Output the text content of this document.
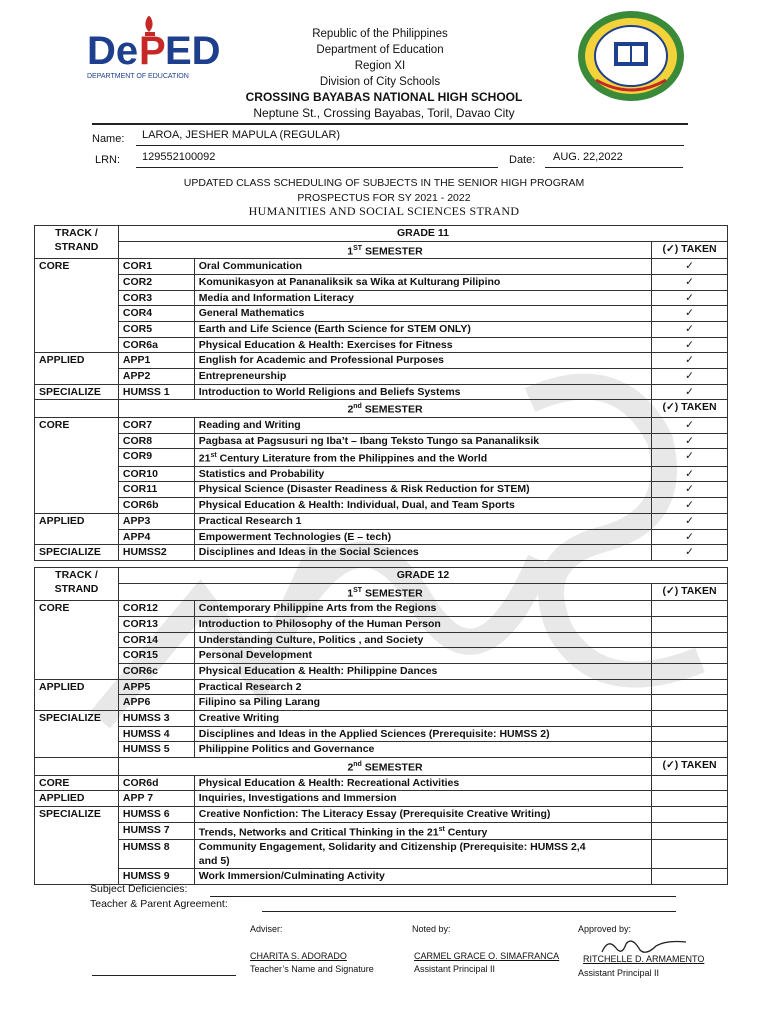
De P ED
DEPARTMENT OF EDUCATION
Republic of the Philippines
Department of Education
Region XI
Division of City Schools
CROSSING BAYABAS NATIONAL HIGH SCHOOL
Neptune St., Crossing Bayabas, Toril, Davao City
Name: LAROA, JESHER MAPULA (REGULAR)
LRN: 129552100092	Date: AUG. 22,2022
UPDATED CLASS SCHEDULING OF SUBJECTS IN THE SENIOR HIGH PROGRAM
PROSPECTUS FOR SY 2021 - 2022
HUMANITIES AND SOCIAL SCIENCES STRAND
TRACK /
STRAND	GRADE 11		
	1ST SEMESTER		(✓) TAKEN
CORE	COR1	Oral Communication	✓
	COR2	Komunikasyon at Pananaliksik sa Wika at Kulturang Pilipino	✓
	COR3	Media and Information Literacy	✓
	COR4	General Mathematics	✓
	COR5	Earth and Life Science (Earth Science for STEM ONLY)	✓
	COR6a	Physical Education & Health: Exercises for Fitness	✓
APPLIED	APP1	English for Academic and Professional Purposes	✓
	APP2	Entrepreneurship	✓
SPECIALIZE	HUMSS 1	Introduction to World Religions and Beliefs Systems	✓
	2nd SEMESTER		(✓) TAKEN
CORE	COR7	Reading and Writing	✓
	COR8	Pagbasa at Pagsusuri ng Iba’t – Ibang Teksto Tungo sa Pananaliksik	✓
	COR9	21st Century Literature from the Philippines and the World	✓
	COR10	Statistics and Probability	✓
	COR11	Physical Science (Disaster Readiness & Risk Reduction for STEM)	✓
	COR6b	Physical Education & Health: Individual, Dual, and Team Sports	✓
APPLIED	APP3	Practical Research 1	✓
	APP4	Empowerment Technologies (E – tech)	✓
SPECIALIZE	HUMSS2	Disciplines and Ideas in the Social Sciences	✓
TRACK /
STRAND	GRADE 12		
	1ST SEMESTER		(✓) TAKEN
CORE	COR12	Contemporary Philippine Arts from the Regions	
	COR13	Introduction to Philosophy of the Human Person	
	COR14	Understanding Culture, Politics , and Society	
	COR15	Personal Development	
	COR6c	Physical Education & Health: Philippine Dances	
APPLIED	APP5	Practical Research 2	
	APP6	Filipino sa Piling Larang	
SPECIALIZE	HUMSS 3	Creative Writing	
	HUMSS 4	Disciplines and Ideas in the Applied Sciences (Prerequisite: HUMSS 2)	
	HUMSS 5	Philippine Politics and Governance	
	2nd SEMESTER		(✓) TAKEN
CORE	COR6d	Physical Education & Health: Recreational Activities	
APPLIED	APP 7	Inquiries, Investigations and Immersion	
SPECIALIZE	HUMSS 6	Creative Nonfiction: The Literacy Essay (Prerequisite Creative Writing)	
	HUMSS 7	Trends, Networks and Critical Thinking in the 21st Century	
	HUMSS 8	Community Engagement, Solidarity and Citizenship (Prerequisite: HUMSS 2,4
and 5)	

	HUMSS 9	Work Immersion/Culminating Activity	
Subject Deficiencies:
Teacher & Parent Agreement:
Adviser:	Noted by:	Approved by:
CHARITA S. ADORADO
Teacher’s Name and Signature
CARMEL GRACE O. SIMAFRANCA
Assistant Principal II
RITCHELLE D. ARMAMENTO
Assistant Principal II
